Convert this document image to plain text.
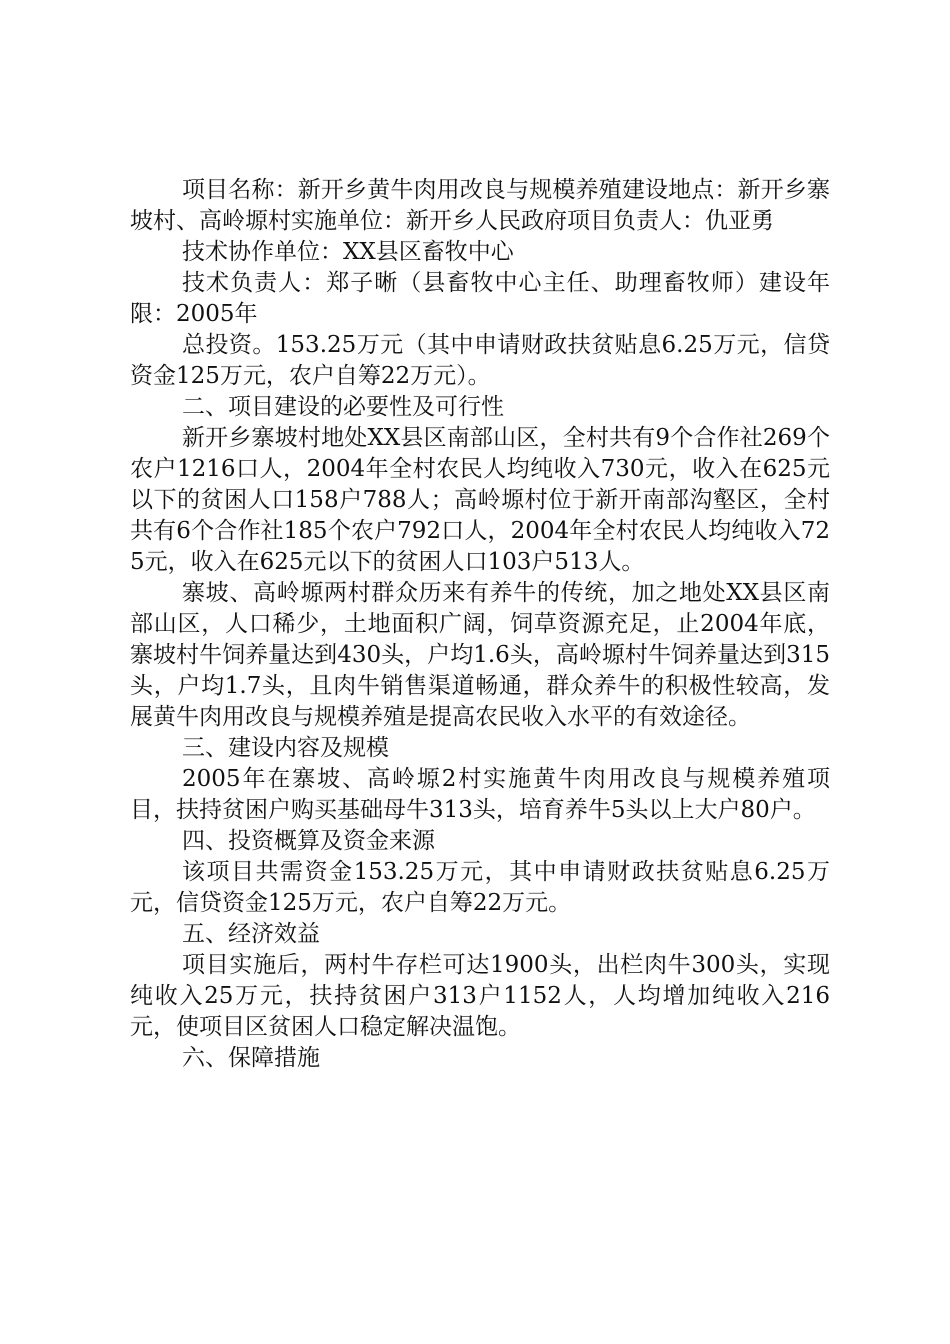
项目名称：新开乡黄牛肉用改良与规模养殖建设地点：新开乡寨坡村、高岭塬村实施单位：新开乡人民政府项目负责人：仇亚勇

技术协作单位：XX县区畜牧中心

技术负责人：郑子晰（县畜牧中心主任、助理畜牧师）建设年限：2005年

总投资。153.25万元（其中申请财政扶贫贴息6.25万元，信贷资金125万元，农户自筹22万元）。

二、项目建设的必要性及可行性

新开乡寨坡村地处XX县区南部山区，全村共有9个合作社269个农户1216口人，2004年全村农民人均纯收入730元，收入在625元以下的贫困人口158户788人；高岭塬村位于新开南部沟壑区，全村共有6个合作社185个农户792口人，2004年全村农民人均纯收入725元，收入在625元以下的贫困人口103户513人。

寨坡、高岭塬两村群众历来有养牛的传统，加之地处XX县区南部山区，人口稀少，土地面积广阔，饲草资源充足，止2004年底，寨坡村牛饲养量达到430头，户均1.6头，高岭塬村牛饲养量达到315头，户均1.7头，且肉牛销售渠道畅通，群众养牛的积极性较高，发展黄牛肉用改良与规模养殖是提高农民收入水平的有效途径。

三、建设内容及规模

2005年在寨坡、高岭塬2村实施黄牛肉用改良与规模养殖项目，扶持贫困户购买基础母牛313头，培育养牛5头以上大户80户。

四、投资概算及资金来源

该项目共需资金153.25万元，其中申请财政扶贫贴息6.25万元，信贷资金125万元，农户自筹22万元。

五、经济效益

项目实施后，两村牛存栏可达1900头，出栏肉牛300头，实现纯收入25万元，扶持贫困户313户1152人，人均增加纯收入216元，使项目区贫困人口稳定解决温饱。

六、保障措施
